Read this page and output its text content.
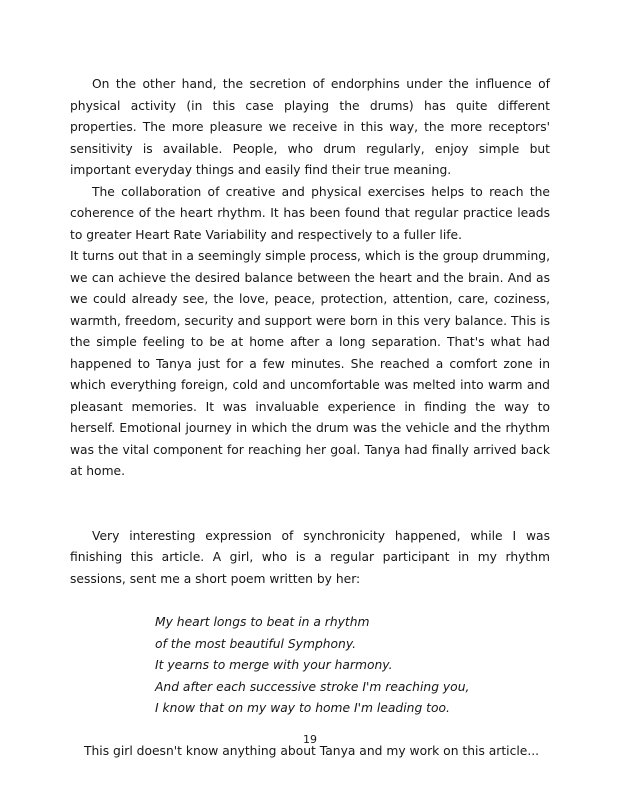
On the other hand, the secretion of endorphins under the influence of physical activity (in this case playing the drums) has quite different properties. The more pleasure we receive in this way, the more receptors' sensitivity is available. People, who drum regularly, enjoy simple but important everyday things and easily find their true meaning.

The collaboration of creative and physical exercises helps to reach the coherence of the heart rhythm. It has been found that regular practice leads to greater Heart Rate Variability and respectively to a fuller life.

It turns out that in a seemingly simple process, which is the group drumming, we can achieve the desired balance between the heart and the brain. And as we could already see, the love, peace, protection, attention, care, coziness, warmth, freedom, security and support were born in this very balance. This is the simple feeling to be at home after a long separation. That's what had happened to Tanya just for a few minutes. She reached a comfort zone in which everything foreign, cold and uncomfortable was melted into warm and pleasant memories. It was invaluable experience in finding the way to herself. Emotional journey in which the drum was the vehicle and the rhythm was the vital component for reaching her goal. Tanya had finally arrived back at home.

Very interesting expression of synchronicity happened, while I was finishing this article. A girl, who is a regular participant in my rhythm sessions, sent me a short poem written by her:

My heart longs to beat in a rhythm
of the most beautiful Symphony.
It yearns to merge with your harmony.
And after each successive stroke I'm reaching you,
I know that on my way to home I'm leading too.

This girl doesn't know anything about Tanya and my work on this article...

19
